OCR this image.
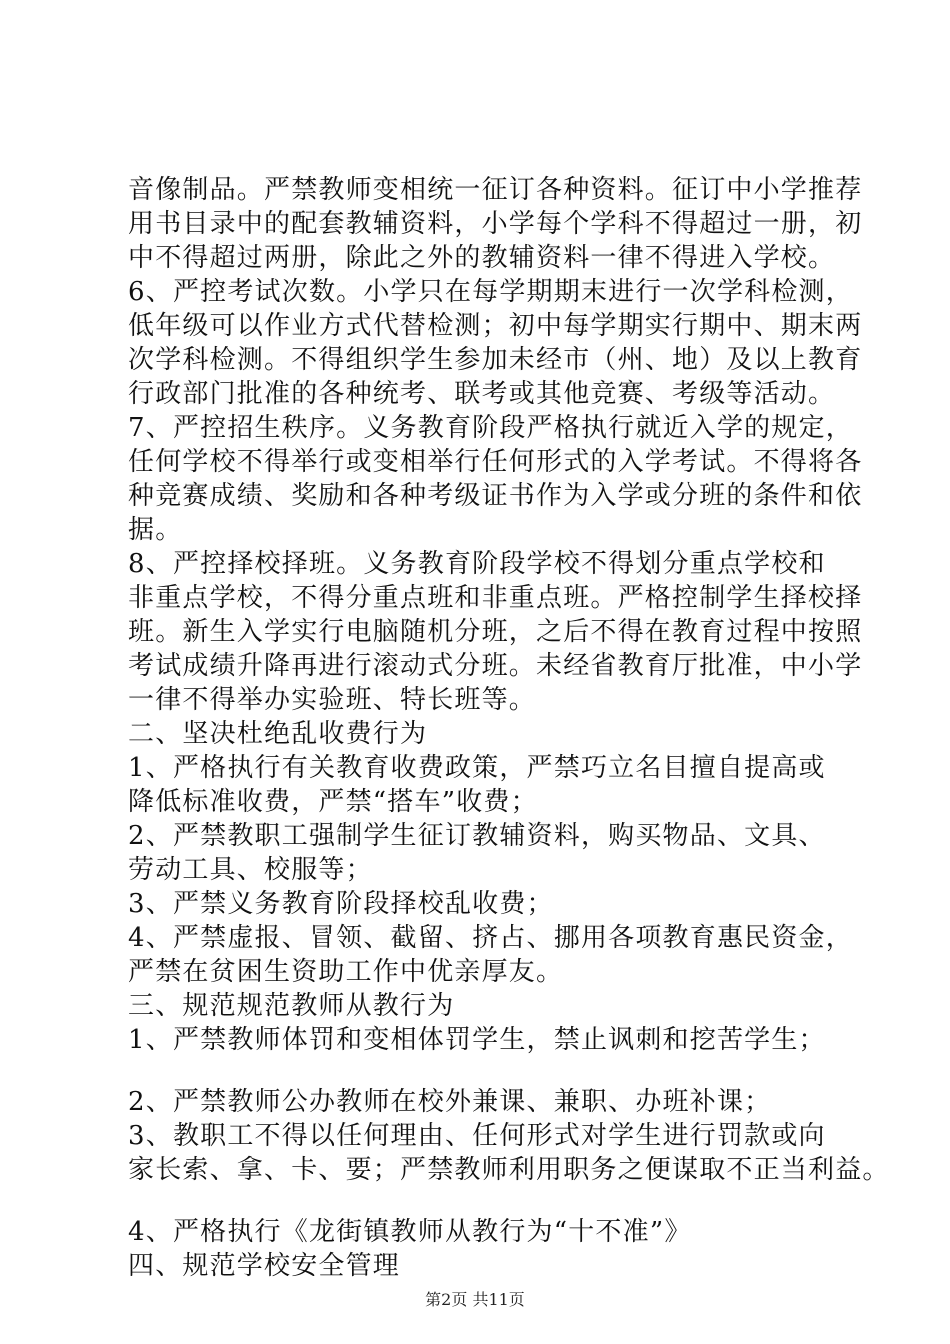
音像制品。严禁教师变相统一征订各种资料。征订中小学推荐
用书目录中的配套教辅资料，小学每个学科不得超过一册，初
中不得超过两册，除此之外的教辅资料一律不得进入学校。
6、严控考试次数。小学只在每学期期末进行一次学科检测，
低年级可以作业方式代替检测；初中每学期实行期中、期末两
次学科检测。不得组织学生参加未经市（州、地）及以上教育
行政部门批准的各种统考、联考或其他竞赛、考级等活动。
7、严控招生秩序。义务教育阶段严格执行就近入学的规定，
任何学校不得举行或变相举行任何形式的入学考试。不得将各
种竞赛成绩、奖励和各种考级证书作为入学或分班的条件和依
据。
8、严控择校择班。义务教育阶段学校不得划分重点学校和
非重点学校，不得分重点班和非重点班。严格控制学生择校择
班。新生入学实行电脑随机分班，之后不得在教育过程中按照
考试成绩升降再进行滚动式分班。未经省教育厅批准，中小学
一律不得举办实验班、特长班等。
二、坚决杜绝乱收费行为
1、严格执行有关教育收费政策，严禁巧立名目擅自提高或
降低标准收费，严禁“搭车”收费；
2、严禁教职工强制学生征订教辅资料，购买物品、文具、
劳动工具、校服等；
3、严禁义务教育阶段择校乱收费；
4、严禁虚报、冒领、截留、挤占、挪用各项教育惠民资金，
严禁在贫困生资助工作中优亲厚友。
三、规范规范教师从教行为
1、严禁教师体罚和变相体罚学生，禁止讽刺和挖苦学生；
2、严禁教师公办教师在校外兼课、兼职、办班补课；
3、教职工不得以任何理由、任何形式对学生进行罚款或向
家长索、拿、卡、要；严禁教师利用职务之便谋取不正当利益。
4、严格执行《龙街镇教师从教行为“十不准”》
四、规范学校安全管理
第2页 共11页
